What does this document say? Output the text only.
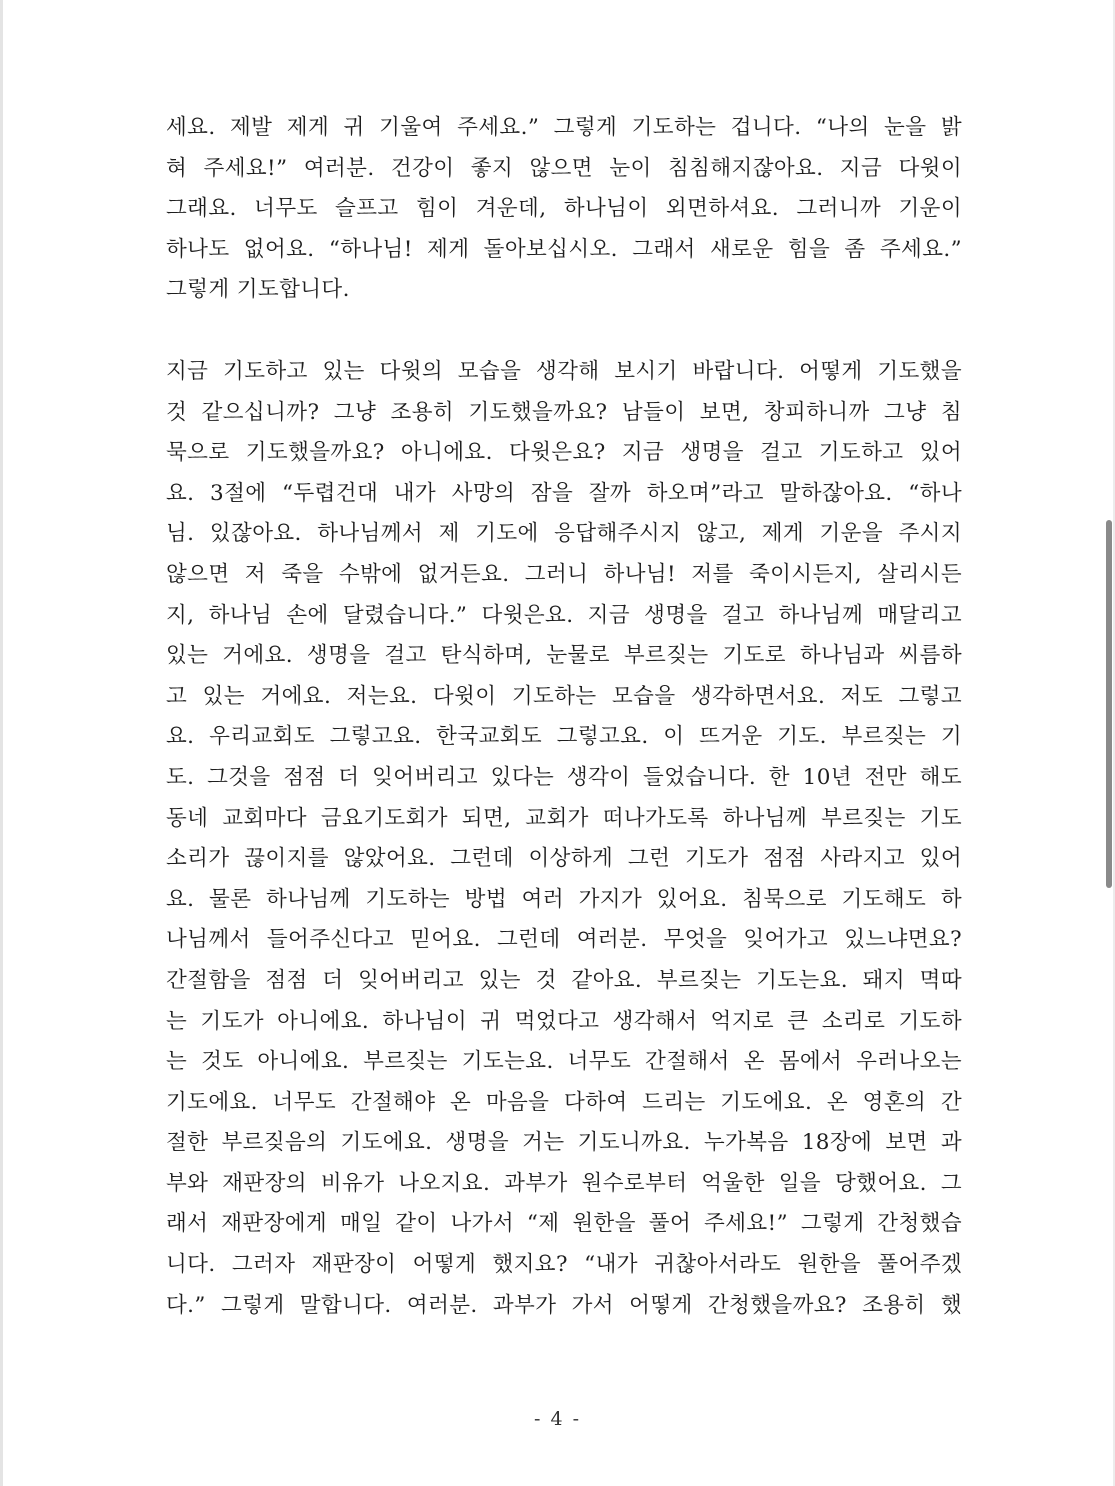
세요. 제발 제게 귀 기울여 주세요.” 그렇게 기도하는 겁니다. “나의 눈을 밝
혀 주세요!” 여러분. 건강이 좋지 않으면 눈이 침침해지잖아요. 지금 다윗이
그래요. 너무도 슬프고 힘이 겨운데, 하나님이 외면하셔요. 그러니까 기운이
하나도 없어요. “하나님! 제게 돌아보십시오. 그래서 새로운 힘을 좀 주세요.”
그렇게 기도합니다.
지금 기도하고 있는 다윗의 모습을 생각해 보시기 바랍니다. 어떻게 기도했을
것 같으십니까? 그냥 조용히 기도했을까요? 남들이 보면, 창피하니까 그냥 침
묵으로 기도했을까요? 아니에요. 다윗은요? 지금 생명을 걸고 기도하고 있어
요. 3절에 “두렵건대 내가 사망의 잠을 잘까 하오며”라고 말하잖아요. “하나
님. 있잖아요. 하나님께서 제 기도에 응답해주시지 않고, 제게 기운을 주시지
않으면 저 죽을 수밖에 없거든요. 그러니 하나님! 저를 죽이시든지, 살리시든
지, 하나님 손에 달렸습니다.” 다윗은요. 지금 생명을 걸고 하나님께 매달리고
있는 거에요. 생명을 걸고 탄식하며, 눈물로 부르짖는 기도로 하나님과 씨름하
고 있는 거에요. 저는요. 다윗이 기도하는 모습을 생각하면서요. 저도 그렇고
요. 우리교회도 그렇고요. 한국교회도 그렇고요. 이 뜨거운 기도. 부르짖는 기
도. 그것을 점점 더 잊어버리고 있다는 생각이 들었습니다. 한 10년 전만 해도
동네 교회마다 금요기도회가 되면, 교회가 떠나가도록 하나님께 부르짖는 기도
소리가 끊이지를 않았어요. 그런데 이상하게 그런 기도가 점점 사라지고 있어
요. 물론 하나님께 기도하는 방법 여러 가지가 있어요. 침묵으로 기도해도 하
나님께서 들어주신다고 믿어요. 그런데 여러분. 무엇을 잊어가고 있느냐면요?
간절함을 점점 더 잊어버리고 있는 것 같아요. 부르짖는 기도는요. 돼지 멱따
는 기도가 아니에요. 하나님이 귀 먹었다고 생각해서 억지로 큰 소리로 기도하
는 것도 아니에요. 부르짖는 기도는요. 너무도 간절해서 온 몸에서 우러나오는
기도에요. 너무도 간절해야 온 마음을 다하여 드리는 기도에요. 온 영혼의 간
절한 부르짖음의 기도에요. 생명을 거는 기도니까요. 누가복음 18장에 보면 과
부와 재판장의 비유가 나오지요. 과부가 원수로부터 억울한 일을 당했어요. 그
래서 재판장에게 매일 같이 나가서 “제 원한을 풀어 주세요!” 그렇게 간청했습
니다. 그러자 재판장이 어떻게 했지요? “내가 귀찮아서라도 원한을 풀어주겠
다.” 그렇게 말합니다. 여러분. 과부가 가서 어떻게 간청했을까요? 조용히 했
- 4 -
